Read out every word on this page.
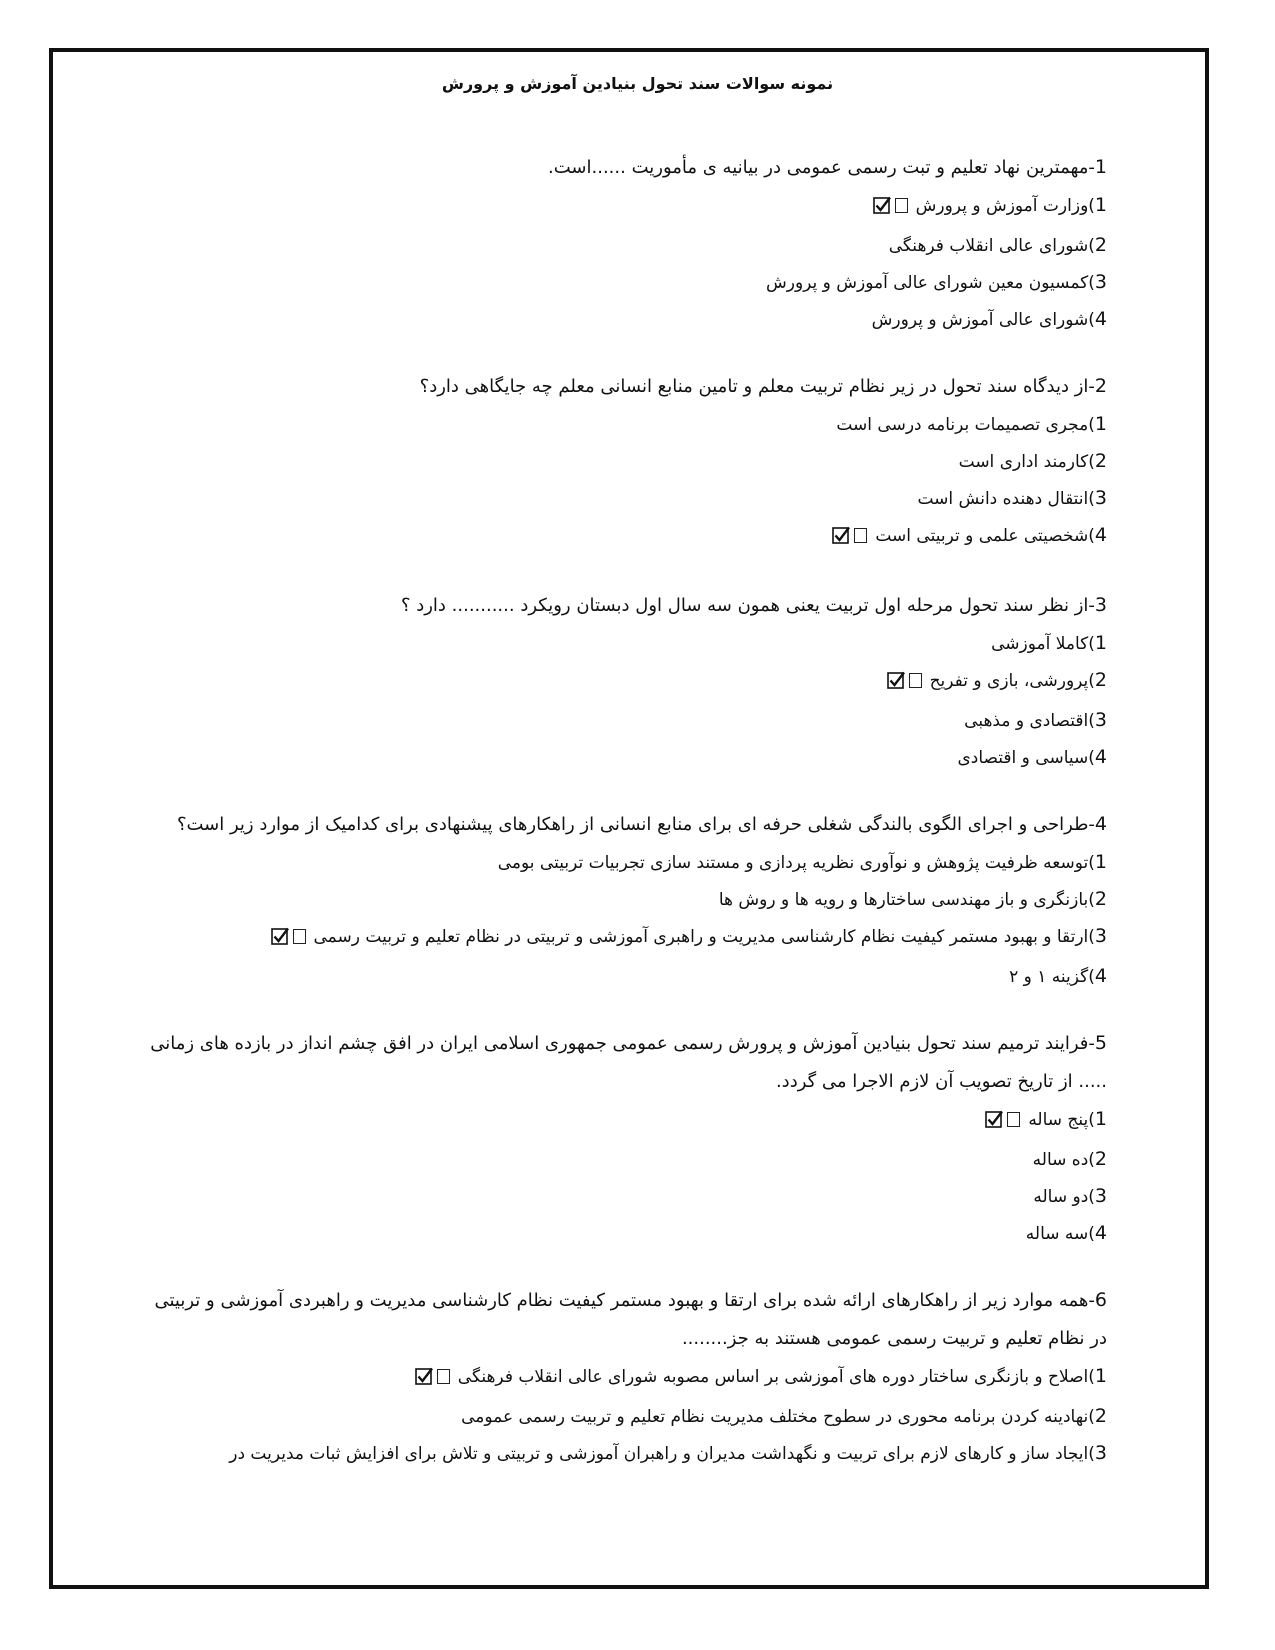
نمونه سوالات سند تحول بنیادین آموزش و پرورش

1-مهمترین نهاد تعلیم و تبت رسمی عمومی در بیانیه ی مأموریت ......است.

1)وزارت آموزش و پرورش

2)شورای عالی انقلاب فرهنگی

3)کمسیون معین شورای عالی آموزش و پرورش

4)شورای عالی آموزش و پرورش

2-از دیدگاه سند تحول در زیر نظام تربیت معلم و تامین منابع انسانی معلم چه جایگاهی دارد؟

1)مجری تصمیمات برنامه درسی است

2)کارمند اداری است

3)انتقال دهنده دانش است

4)شخصیتی علمی و تربیتی است

3-از نظر سند تحول مرحله اول تربیت یعنی همون سه سال اول دبستان رویکرد ........... دارد ؟

1)کاملا آموزشی

2)پرورشی، بازی و تفریح

3)اقتصادی و مذهبی

4)سیاسی و اقتصادی

4-طراحی و اجرای الگوی بالندگی شغلی حرفه ای برای منابع انسانی از راهکارهای پیشنهادی برای کدامیک از موارد زیر است؟

1)توسعه ظرفیت پژوهش و نوآوری نظریه پردازی و مستند سازی تجربیات تربیتی بومی

2)بازنگری و باز مهندسی ساختارها و رویه ها و روش ها

3)ارتقا و بهبود مستمر کیفیت نظام کارشناسی مدیریت و راهبری آموزشی و تربیتی در نظام تعلیم و تربیت رسمی

4)گزینه ۱ و ۲

5-فرایند ترمیم سند تحول بنیادین آموزش و پرورش رسمی عمومی جمهوری اسلامی ایران در افق چشم انداز در بازده های زمانی ..... از تاریخ تصویب آن لازم الاجرا می گردد.

1)پنج ساله

2)ده ساله

3)دو ساله

4)سه ساله

6-همه موارد زیر از راهکارهای ارائه شده برای ارتقا و بهبود مستمر کیفیت نظام کارشناسی مدیریت و راهبردی آموزشی و تربیتی در نظام تعلیم و تربیت رسمی عمومی هستند به جز........

1)اصلاح و بازنگری ساختار دوره های آموزشی بر اساس مصوبه شورای عالی انقلاب فرهنگی

2)نهادینه کردن برنامه محوری در سطوح مختلف مدیریت نظام تعلیم و تربیت رسمی عمومی

3)ایجاد ساز و کارهای لازم برای تربیت و نگهداشت مدیران و راهبران آموزشی و تربیتی و تلاش برای افزایش ثبات مدیریت در
